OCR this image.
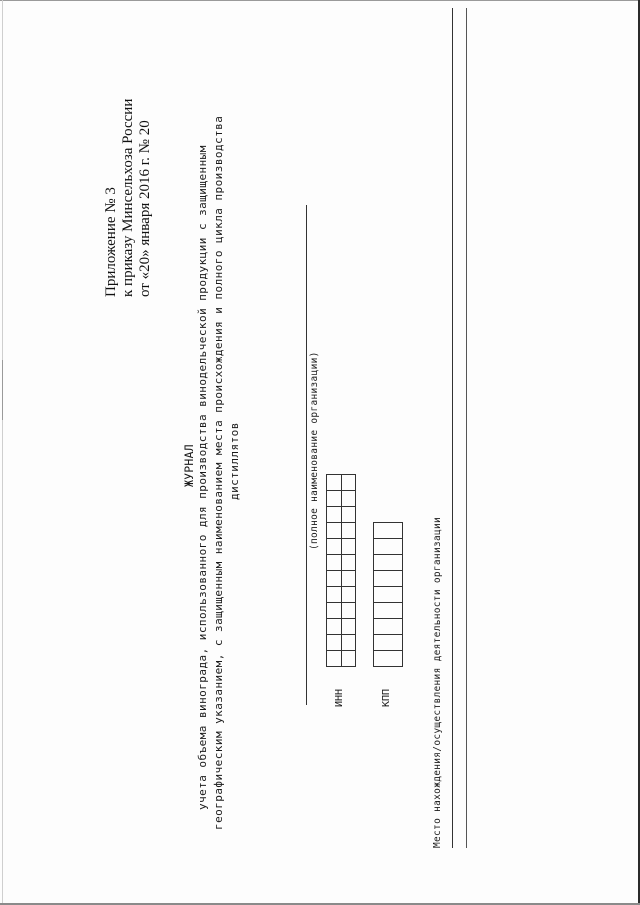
Приложение № 3 к приказу Минсельхоза России от «20» января 2016 г. № 20
ЖУРНАЛ учета объема винограда, использованного для производства винодельческой продукции с защищенным географическим указанием, с защищенным наименованием места происхождения и полного цикла производства дистиллятов	(полное наименование организации)
ИНН	КПП	Место нахождения/осуществления деятельности организации
